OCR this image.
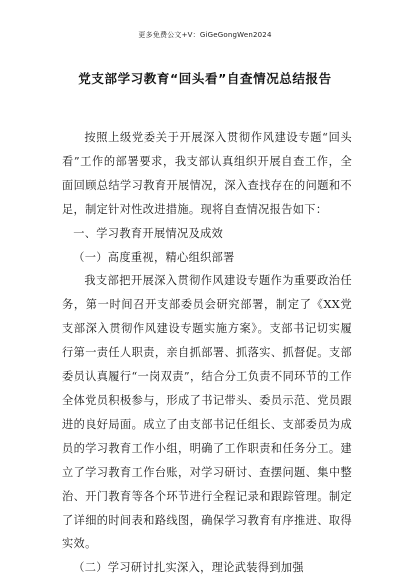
更多免费公文+V：GiGeGongWen2024
党支部学习教育“回头看”自查情况总结报告

按照上级党委关于开展深入贯彻作风建设专题“回头看”工作的部署要求，我支部认真组织开展自查工作，全面回顾总结学习教育开展情况，深入查找存在的问题和不足，制定针对性改进措施。现将自查情况报告如下：

一、学习教育开展情况及成效

（一）高度重视，精心组织部署

我支部把开展深入贯彻作风建设专题作为重要政治任务，第一时间召开支部委员会研究部署，制定了《XX党支部深入贯彻作风建设专题实施方案》。支部书记切实履行第一责任人职责，亲自抓部署、抓落实、抓督促。支部委员认真履行“一岗双责”，结合分工负责不同环节的工作全体党员积极参与，形成了书记带头、委员示范、党员跟进的良好局面。成立了由支部书记任组长、支部委员为成员的学习教育工作小组，明确了工作职责和任务分工。建立了学习教育工作台账，对学习研讨、查摆问题、集中整治、开门教育等各个环节进行全程记录和跟踪管理。制定了详细的时间表和路线图，确保学习教育有序推进、取得实效。

（二）学习研讨扎实深入，理论武装得到加强
